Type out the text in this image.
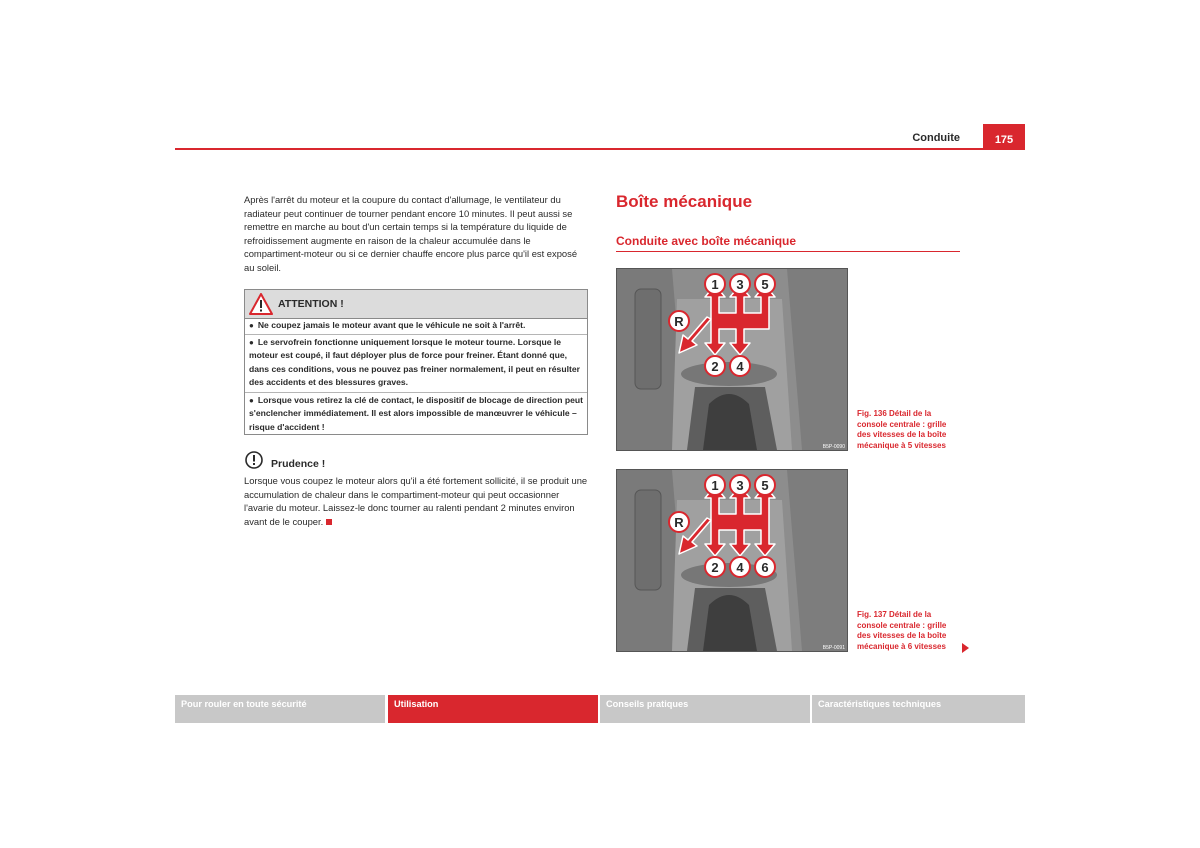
Conduite	175
Après l'arrêt du moteur et la coupure du contact d'allumage, le ventilateur du radiateur peut continuer de tourner pendant encore 10 minutes. Il peut aussi se remettre en marche au bout d'un certain temps si la température du liquide de refroidissement augmente en raison de la chaleur accumulée dans le compartiment-moteur ou si ce dernier chauffe encore plus parce qu'il est exposé au soleil.
ATTENTION !
● Ne coupez jamais le moteur avant que le véhicule ne soit à l'arrêt.
● Le servofrein fonctionne uniquement lorsque le moteur tourne. Lorsque le moteur est coupé, il faut déployer plus de force pour freiner. Étant donné que, dans ces conditions, vous ne pouvez pas freiner normalement, il peut en résulter des accidents et des blessures graves.
● Lorsque vous retirez la clé de contact, le dispositif de blocage de direction peut s'enclencher immédiatement. Il est alors impossible de manœuvrer le véhicule – risque d'accident !
Prudence !
Lorsque vous coupez le moteur alors qu'il a été fortement sollicité, il se produit une accumulation de chaleur dans le compartiment-moteur qui peut occasionner l'avarie du moteur. Laissez-le donc tourner au ralenti pendant 2 minutes environ avant de le couper.
Boîte mécanique
Conduite avec boîte mécanique
1 3 5
R
2 4
B5P-0090
Fig. 136 Détail de la console centrale : grille des vitesses de la boîte mécanique à 5 vitesses
1 3 5
R
2 4 6
B5P-0091
Fig. 137 Détail de la console centrale : grille des vitesses de la boîte mécanique à 6 vitesses
Pour rouler en toute sécurité	Utilisation	Conseils pratiques	Caractéristiques techniques
